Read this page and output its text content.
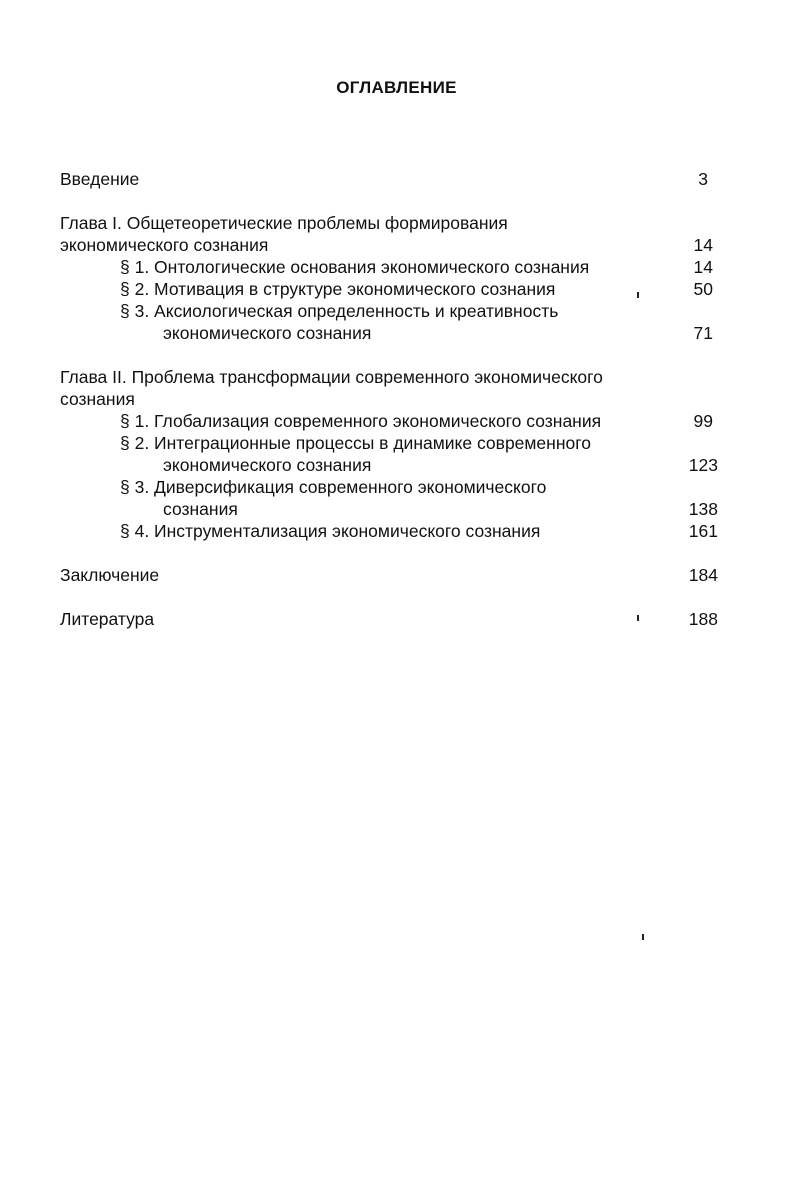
ОГЛАВЛЕНИЕ
Введение	3
Глава I. Общетеоретические проблемы формирования
экономического сознания	14
§ 1. Онтологические основания экономического сознания	14
§ 2. Мотивация в структуре экономического сознания	50
§ 3. Аксиологическая определенность и креативность
экономического сознания	71
Глава II. Проблема трансформации современного экономического
сознания
§ 1. Глобализация современного экономического сознания	99
§ 2. Интеграционные процессы в динамике современного
экономического сознания	123
§ 3. Диверсификация современного экономического
сознания	138
§ 4. Инструментализация экономического сознания	161
Заключение	184
Литература	188
